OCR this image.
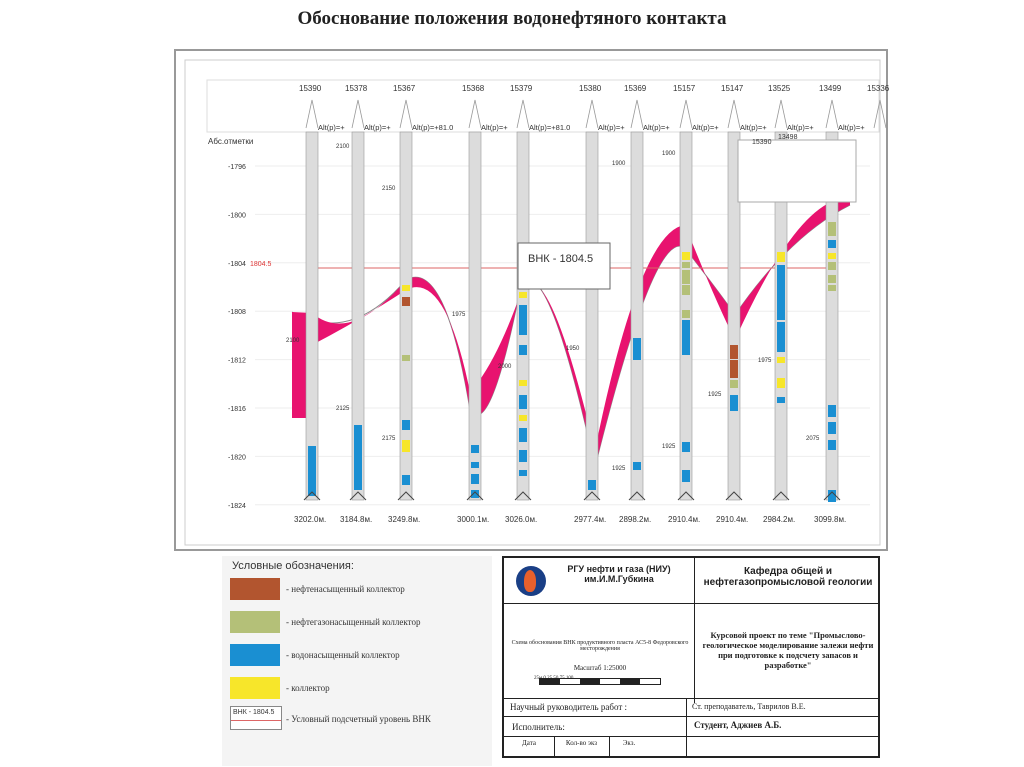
Обоснование положения водонефтяного контакта
Абс.отметки
-1796
-1800
-1804
-1808
-1812
-1816
-1820
-1824
1804.5
15390
Alt(p)=+
3202.0м.
15378
Alt(p)=+
3184.8м.
15367
Alt(p)=+81.0
3249.8м.
15368
Alt(p)=+
3000.1м.
15379
Alt(p)=+81.0
3026.0м.
15380
Alt(p)=+
2977.4м.
15369
Alt(p)=+
2898.2м.
15157
Alt(p)=+
2910.4м.
15147
Alt(p)=+
2910.4м.
13525
Alt(p)=+
2984.2м.
13499
Alt(p)=+
3099.8м.
15336
2100
2150
2175
2125
2100
1975
2000
1950
1900
1925
1900
1925
1975
1925
2075
15390
13498
ВНК - 1804.5
Условные обозначения:
- нефтенасыщенный коллектор
- нефтегазонасыщенный коллектор
- водонасыщенный коллектор
- коллектор
ВНК - 1804.5
- Условный подсчетный уровень ВНК
РГУ нефти и газа (НИУ) им.И.М.Губкина
Кафедра общей и нефтегазопромысловой геологии
Схема обоснования ВНК продуктивного пласта АС5-8 Федоровского месторождения
Масштаб 1:25000
25м 0 25 50 75 100
Курсовой проект по теме "Промыслово-геологическое моделирование залежи нефти при подготовке к подсчету запасов и разработке"
Научный руководитель работ :	Ст. преподаватель, Таврилов В.Е.
Исполнитель:	Студент, Аджиев А.Б.
Дата	Кол-во экз	Экз.
